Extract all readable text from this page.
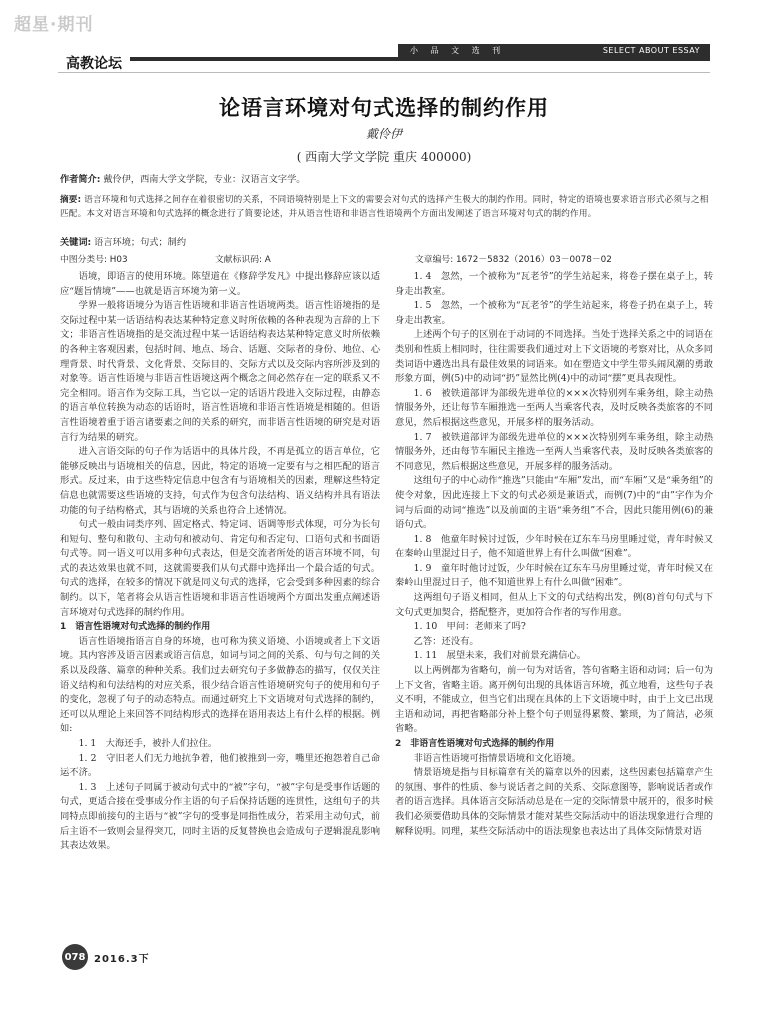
超星·期刊
高教论坛
小 品 文 选 刊	SELECT ABOUT ESSAY
论语言环境对句式选择的制约作用
戴伶伊
( 西南大学文学院 重庆 400000)
作者简介: 戴伶伊，西南大学文学院，专业：汉语言文字学。
摘要: 语言环境和句式选择之间存在着很密切的关系，不同语境特别是上下文的需要会对句式的选择产生极大的制约作用。同时，特定的语境也要求语言形式必须与之相匹配。本文对语言环境和句式选择的概念进行了简要论述，并从语言性语和非语言性语境两个方面出发阐述了语言环境对句式的制约作用。
关键词: 语言环境；句式；制约
中图分类号: H03	文献标识码: A	文章编号: 1672－5832（2016）03－0078－02

语境，即语言的使用环境。陈望道在《修辞学发凡》中提出修辞应该以适应“题旨情境”——也就是语言环境为第一义。

学界一般将语境分为语言性语境和非语言性语境两类。语言性语境指的是交际过程中某一话语结构表达某种特定意义时所依赖的各种表现为言辞的上下文；非语言性语境指的是交流过程中某一话语结构表达某种特定意义时所依赖的各种主客观因素，包括时间、地点、场合、话题、交际者的身份、地位、心理背景、时代背景、文化背景、交际目的、交际方式以及交际内容所涉及到的对象等。语言性语境与非语言性语境这两个概念之间必然存在一定的联系又不完全相同。语言作为交际工具，当它以一定的话语片段进入交际过程，由静态的语言单位转换为动态的话语时，语言性语境和非语言性语境是相随的。但语言性语境着重于语言诸要素之间的关系的研究，而非语言性语境的研究是对语言行为结果的研究。

进入言语交际的句子作为话语中的具体片段，不再是孤立的语言单位，它能够反映出与语境相关的信息，因此，特定的语境一定要有与之相匹配的语言形式。反过来，由于这些特定信息中包含有与语境相关的因素，理解这些特定信息也就需要这些语境的支持，句式作为包含句法结构、语义结构并具有语法功能的句子结构格式，其与语境的关系也符合上述情况。

句式一般由词类序列、固定格式、特定词、语调等形式体现，可分为长句和短句、整句和散句、主动句和被动句、肯定句和否定句、口语句式和书面语句式等。同一语义可以用多种句式表达，但是交流者所处的语言环境不同，句式的表达效果也就不同，这就需要我们从句式群中选择出一个最合适的句式。句式的选择，在较多的情况下就是同义句式的选择，它会受到多种因素的综合制约。以下，笔者将会从语言性语境和非语言性语境两个方面出发重点阐述语言环境对句式选择的制约作用。

1　语言性语境对句式选择的制约作用

语言性语境指语言自身的环境，也可称为狭义语境、小语境或者上下文语境。其内容涉及语言因素或语言信息，如词与词之间的关系、句与句之间的关系以及段落、篇章的种种关系。我们过去研究句子多做静态的描写，仅仅关注语义结构和句法结构的对应关系，很少结合语言性语境研究句子的使用和句子的变化，忽视了句子的动态特点。而通过研究上下文语境对句式选择的制约，还可以从理论上来回答不同结构形式的选择在语用表达上有什么样的根据。例如:

1. 1　大海还手，被扑人们拉住。

1. 2　守旧老人们无力地抗争着，他们被推到一旁，嘴里还抱怨着自己命运不济。

1. 3　上述句子同属于被动句式中的“被”字句，“被”字句是受事作话题的句式，更适合接在受事成分作主语的句子后保持话题的连贯性，这组句子的共同特点即前接句的主语与“被”字句的受事是同指性成分，若采用主动句式，前后主语不一致则会显得突兀，同时主语的反复替换也会造成句子逻辑混乱影响其表达效果。

1. 4　忽然，一个被称为“瓦老爷”的学生站起来，将卷子摆在桌子上，转身走出教室。

1. 5　忽然，一个被称为“瓦老爷”的学生站起来，将卷子扔在桌子上，转身走出教室。

上述两个句子的区别在于动词的不同选择。当处于选择关系之中的词语在类别和性质上相同时，往往需要我们通过对上下文语境的考察对比，从众多同类词语中遴选出具有最佳效果的词语来。如在塑造文中学生带头闹风潮的勇敢形象方面，例(5)中的动词“扔”显然比例(4)中的动词“摆”更具表现性。

1. 6　被铁道部评为部级先进单位的×××次特别列车乘务组，除主动热情服务外，还让每节车厢推选一至两人当乘客代表，及时反映各类旅客的不同意见，然后根据这些意见，开展多样的服务活动。

1. 7　被铁道部评为部级先进单位的×××次特别列车乘务组，除主动热情服务外，还由每节车厢民主推选一至两人当乘客代表，及时反映各类旅客的不同意见，然后根据这些意见，开展多样的服务活动。

这组句子的中心动作“推选”只能由“车厢”发出，而“车厢”又是“乘务组”的使令对象，因此连接上下文的句式必须是兼语式，而例(7)中的“由”字作为介词与后面的动词“推选”以及前面的主语“乘务组”不合，因此只能用例(6)的兼语句式。

1. 8　他童年时候讨过饭，少年时候在辽东车马房里睡过觉，青年时候又在秦岭山里混过日子，他不知道世界上有什么叫做“困难”。

1. 9　童年时他讨过饭，少年时候在辽东车马房里睡过觉，青年时候又在秦岭山里混过日子，他不知道世界上有什么叫做“困难”。

这两组句子语义相同，但从上下文的句式结构出发，例(8)首句句式与下文句式更加契合，搭配整齐，更加符合作者的写作用意。

1. 10　甲问：老师来了吗?

乙答：还没有。

1. 11　展望未来，我们对前景充满信心。

以上两例都为省略句，前一句为对话省，答句省略主语和动词；后一句为上下文省，省略主语。离开例句出现的具体语言环境，孤立地看，这些句子表义不明，不能成立，但当它们出现在具体的上下文语境中时，由于上文已出现主语和动词，再把省略部分补上整个句子则显得累赘、繁琐，为了简洁，必须省略。

2　非语言性语境对句式选择的制约作用

非语言性语境可指情景语境和文化语境。

情景语境是指与目标篇章有关的篇章以外的因素，这些因素包括篇章产生的氛围、事件的性质、参与说话者之间的关系、交际意图等，影响说话者或作者的语言选择。具体语言交际活动总是在一定的交际情景中展开的，很多时候我们必须要借助具体的交际情景才能对某些交际活动中的语法现象进行合理的解释说明。同理，某些交际活动中的语法现象也表达出了具体交际情景对语

078 2016.3下
